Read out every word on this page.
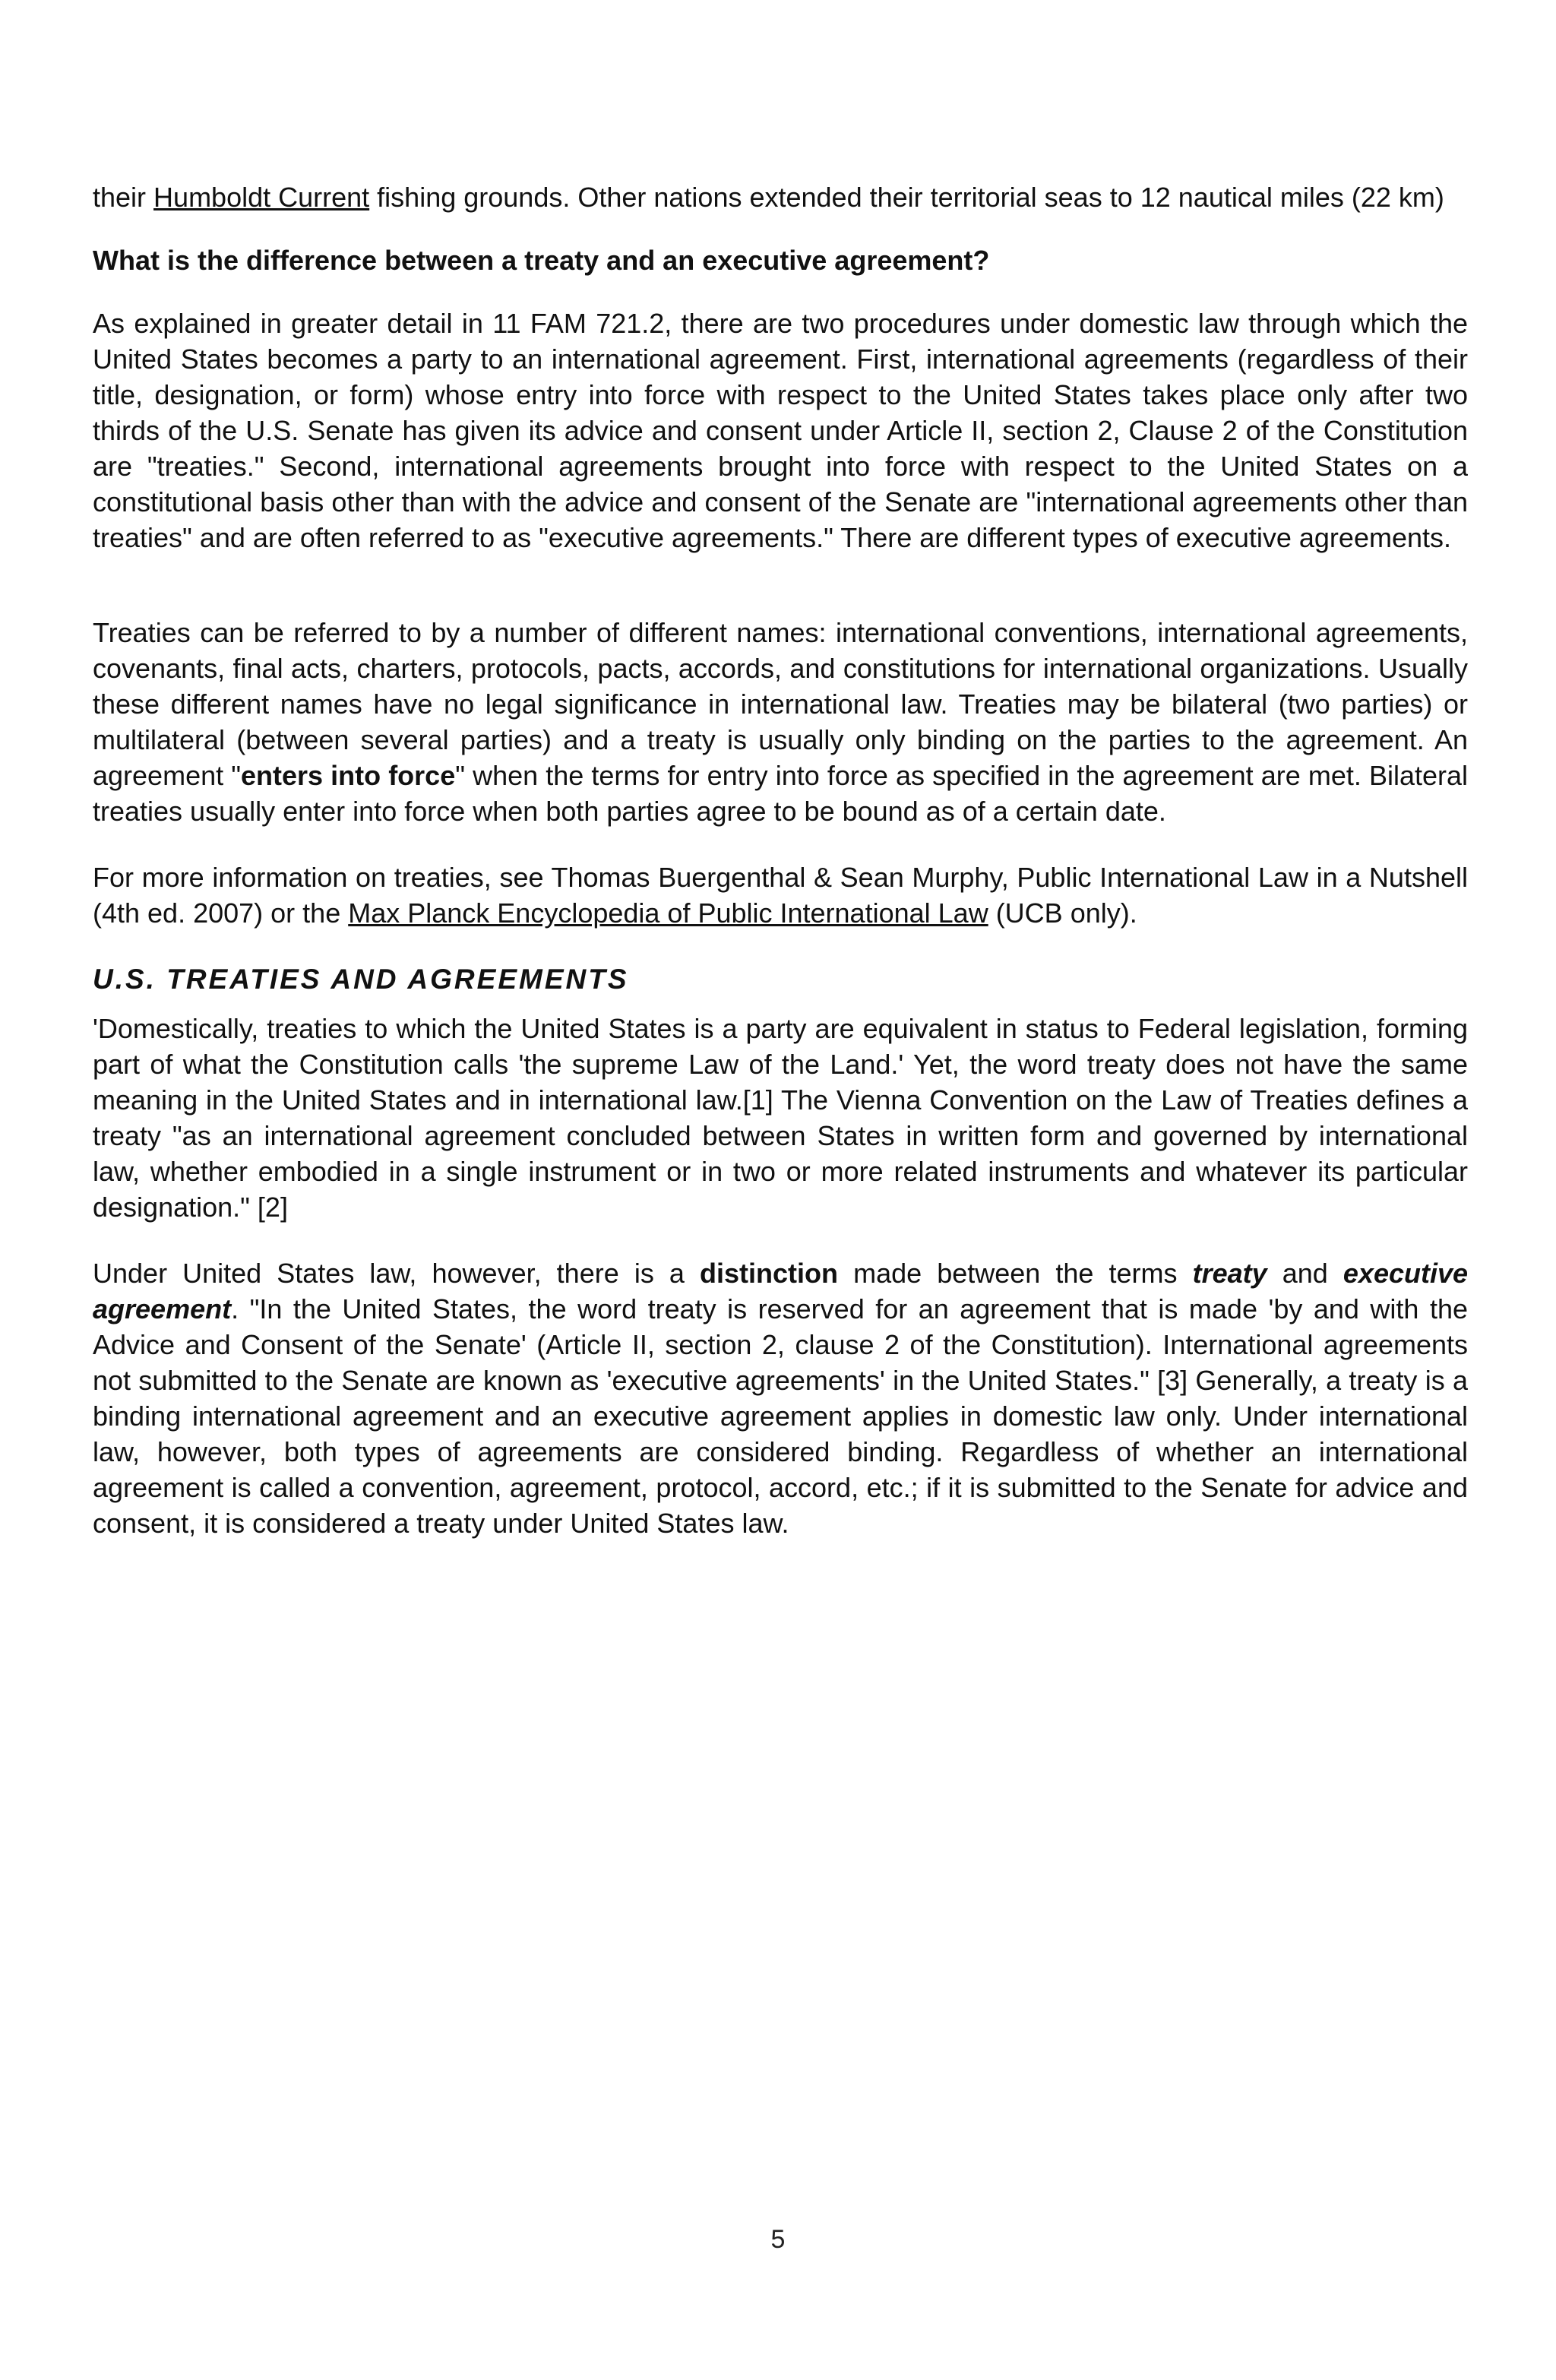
their Humboldt Current fishing grounds. Other nations extended their territorial seas to 12 nautical miles (22 km)

What is the difference between a treaty and an executive agreement?

As explained in greater detail in 11 FAM 721.2, there are two procedures under domestic law through which the United States becomes a party to an international agreement. First, international agreements (regardless of their title, designation, or form) whose entry into force with respect to the United States takes place only after two thirds of the U.S. Senate has given its advice and consent under Article II, section 2, Clause 2 of the Constitution are "treaties." Second, international agreements brought into force with respect to the United States on a constitutional basis other than with the advice and consent of the Senate are "international agreements other than treaties" and are often referred to as "executive agreements." There are different types of executive agreements.

Treaties can be referred to by a number of different names: international conventions, international agreements, covenants, final acts, charters, protocols, pacts, accords, and constitutions for international organizations. Usually these different names have no legal significance in international law. Treaties may be bilateral (two parties) or multilateral (between several parties) and a treaty is usually only binding on the parties to the agreement. An agreement "enters into force" when the terms for entry into force as specified in the agreement are met. Bilateral treaties usually enter into force when both parties agree to be bound as of a certain date.

For more information on treaties, see Thomas Buergenthal & Sean Murphy, Public International Law in a Nutshell (4th ed. 2007) or the Max Planck Encyclopedia of Public International Law (UCB only).

U.S. TREATIES AND AGREEMENTS

'Domestically, treaties to which the United States is a party are equivalent in status to Federal legislation, forming part of what the Constitution calls 'the supreme Law of the Land.' Yet, the word treaty does not have the same meaning in the United States and in international law.[1] The Vienna Convention on the Law of Treaties defines a treaty "as an international agreement concluded between States in written form and governed by international law, whether embodied in a single instrument or in two or more related instruments and whatever its particular designation." [2]

Under United States law, however, there is a distinction made between the terms treaty and executive agreement. "In the United States, the word treaty is reserved for an agreement that is made 'by and with the Advice and Consent of the Senate' (Article II, section 2, clause 2 of the Constitution). International agreements not submitted to the Senate are known as 'executive agreements' in the United States." [3] Generally, a treaty is a binding international agreement and an executive agreement applies in domestic law only. Under international law, however, both types of agreements are considered binding. Regardless of whether an international agreement is called a convention, agreement, protocol, accord, etc.; if it is submitted to the Senate for advice and consent, it is considered a treaty under United States law.

5
